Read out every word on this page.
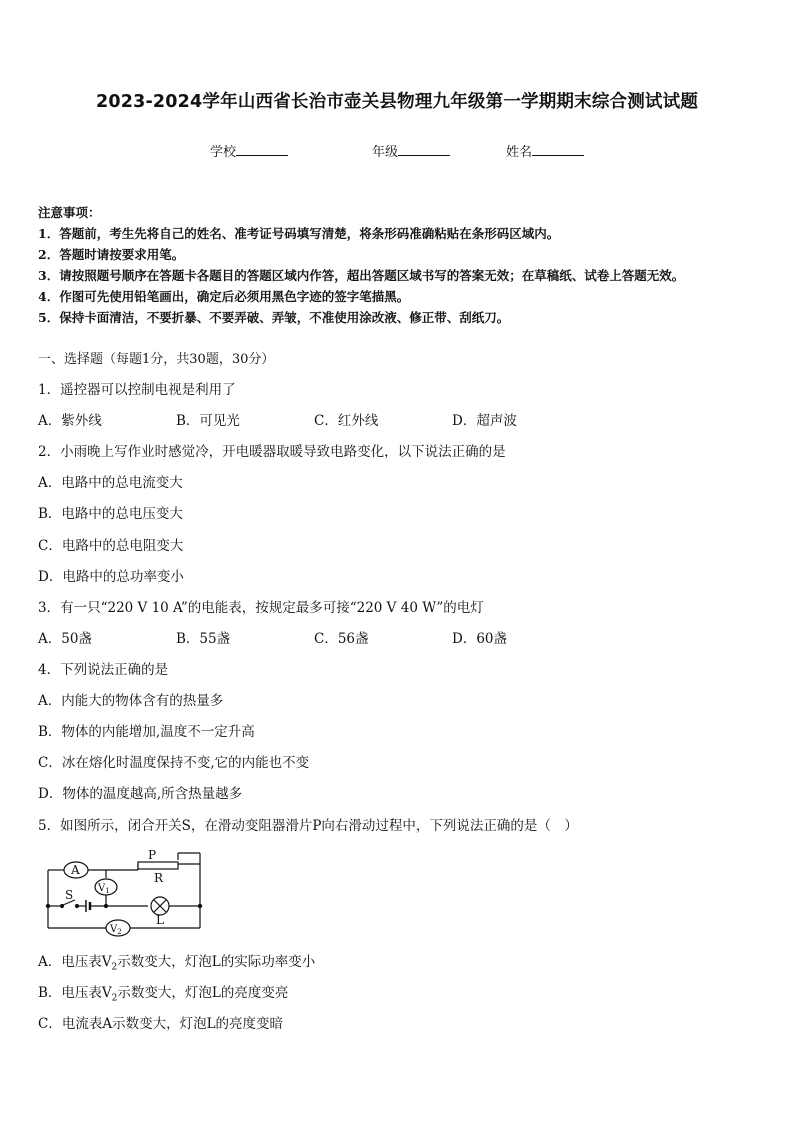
2023-2024学年山西省长治市壶关县物理九年级第一学期期末综合测试试题
学校	年级	姓名
注意事项：
1．答题前，考生先将自己的姓名、准考证号码填写清楚，将条形码准确粘贴在条形码区域内。
2．答题时请按要求用笔。
3．请按照题号顺序在答题卡各题目的答题区域内作答，超出答题区域书写的答案无效；在草稿纸、试卷上答题无效。
4．作图可先使用铅笔画出，确定后必须用黑色字迹的签字笔描黑。
5．保持卡面清洁，不要折暴、不要弄破、弄皱，不准使用涂改液、修正带、刮纸刀。
一、选择题（每题1分，共30题，30分）
1．遥控器可以控制电视是利用了
A．紫外线	B．可见光	C．红外线	D．超声波
2．小雨晚上写作业时感觉冷，开电暖器取暖导致电路变化，以下说法正确的是
A．电路中的总电流变大
B．电路中的总电压变大
C．电路中的总电阻变大
D．电路中的总功率变小
3．有一只“220 V 10 A”的电能表，按规定最多可接“220 V 40 W”的电灯
A．50盏	B．55盏	C．56盏	D．60盏
4．下列说法正确的是
A．内能大的物体含有的热量多
B．物体的内能增加,温度不一定升高
C．冰在熔化时温度保持不变,它的内能也不变
D．物体的温度越高,所含热量越多
5．如图所示，闭合开关S，在滑动变阻器滑片P向右滑动过程中，下列说法正确的是（　）
A
P
R
S $V_1$
L
$V_2$
A．电压表$V_2$示数变大，灯泡L的实际功率变小
B．电压表$V_2$示数变大，灯泡L的亮度变亮
C．电流表A示数变大，灯泡L的亮度变暗
